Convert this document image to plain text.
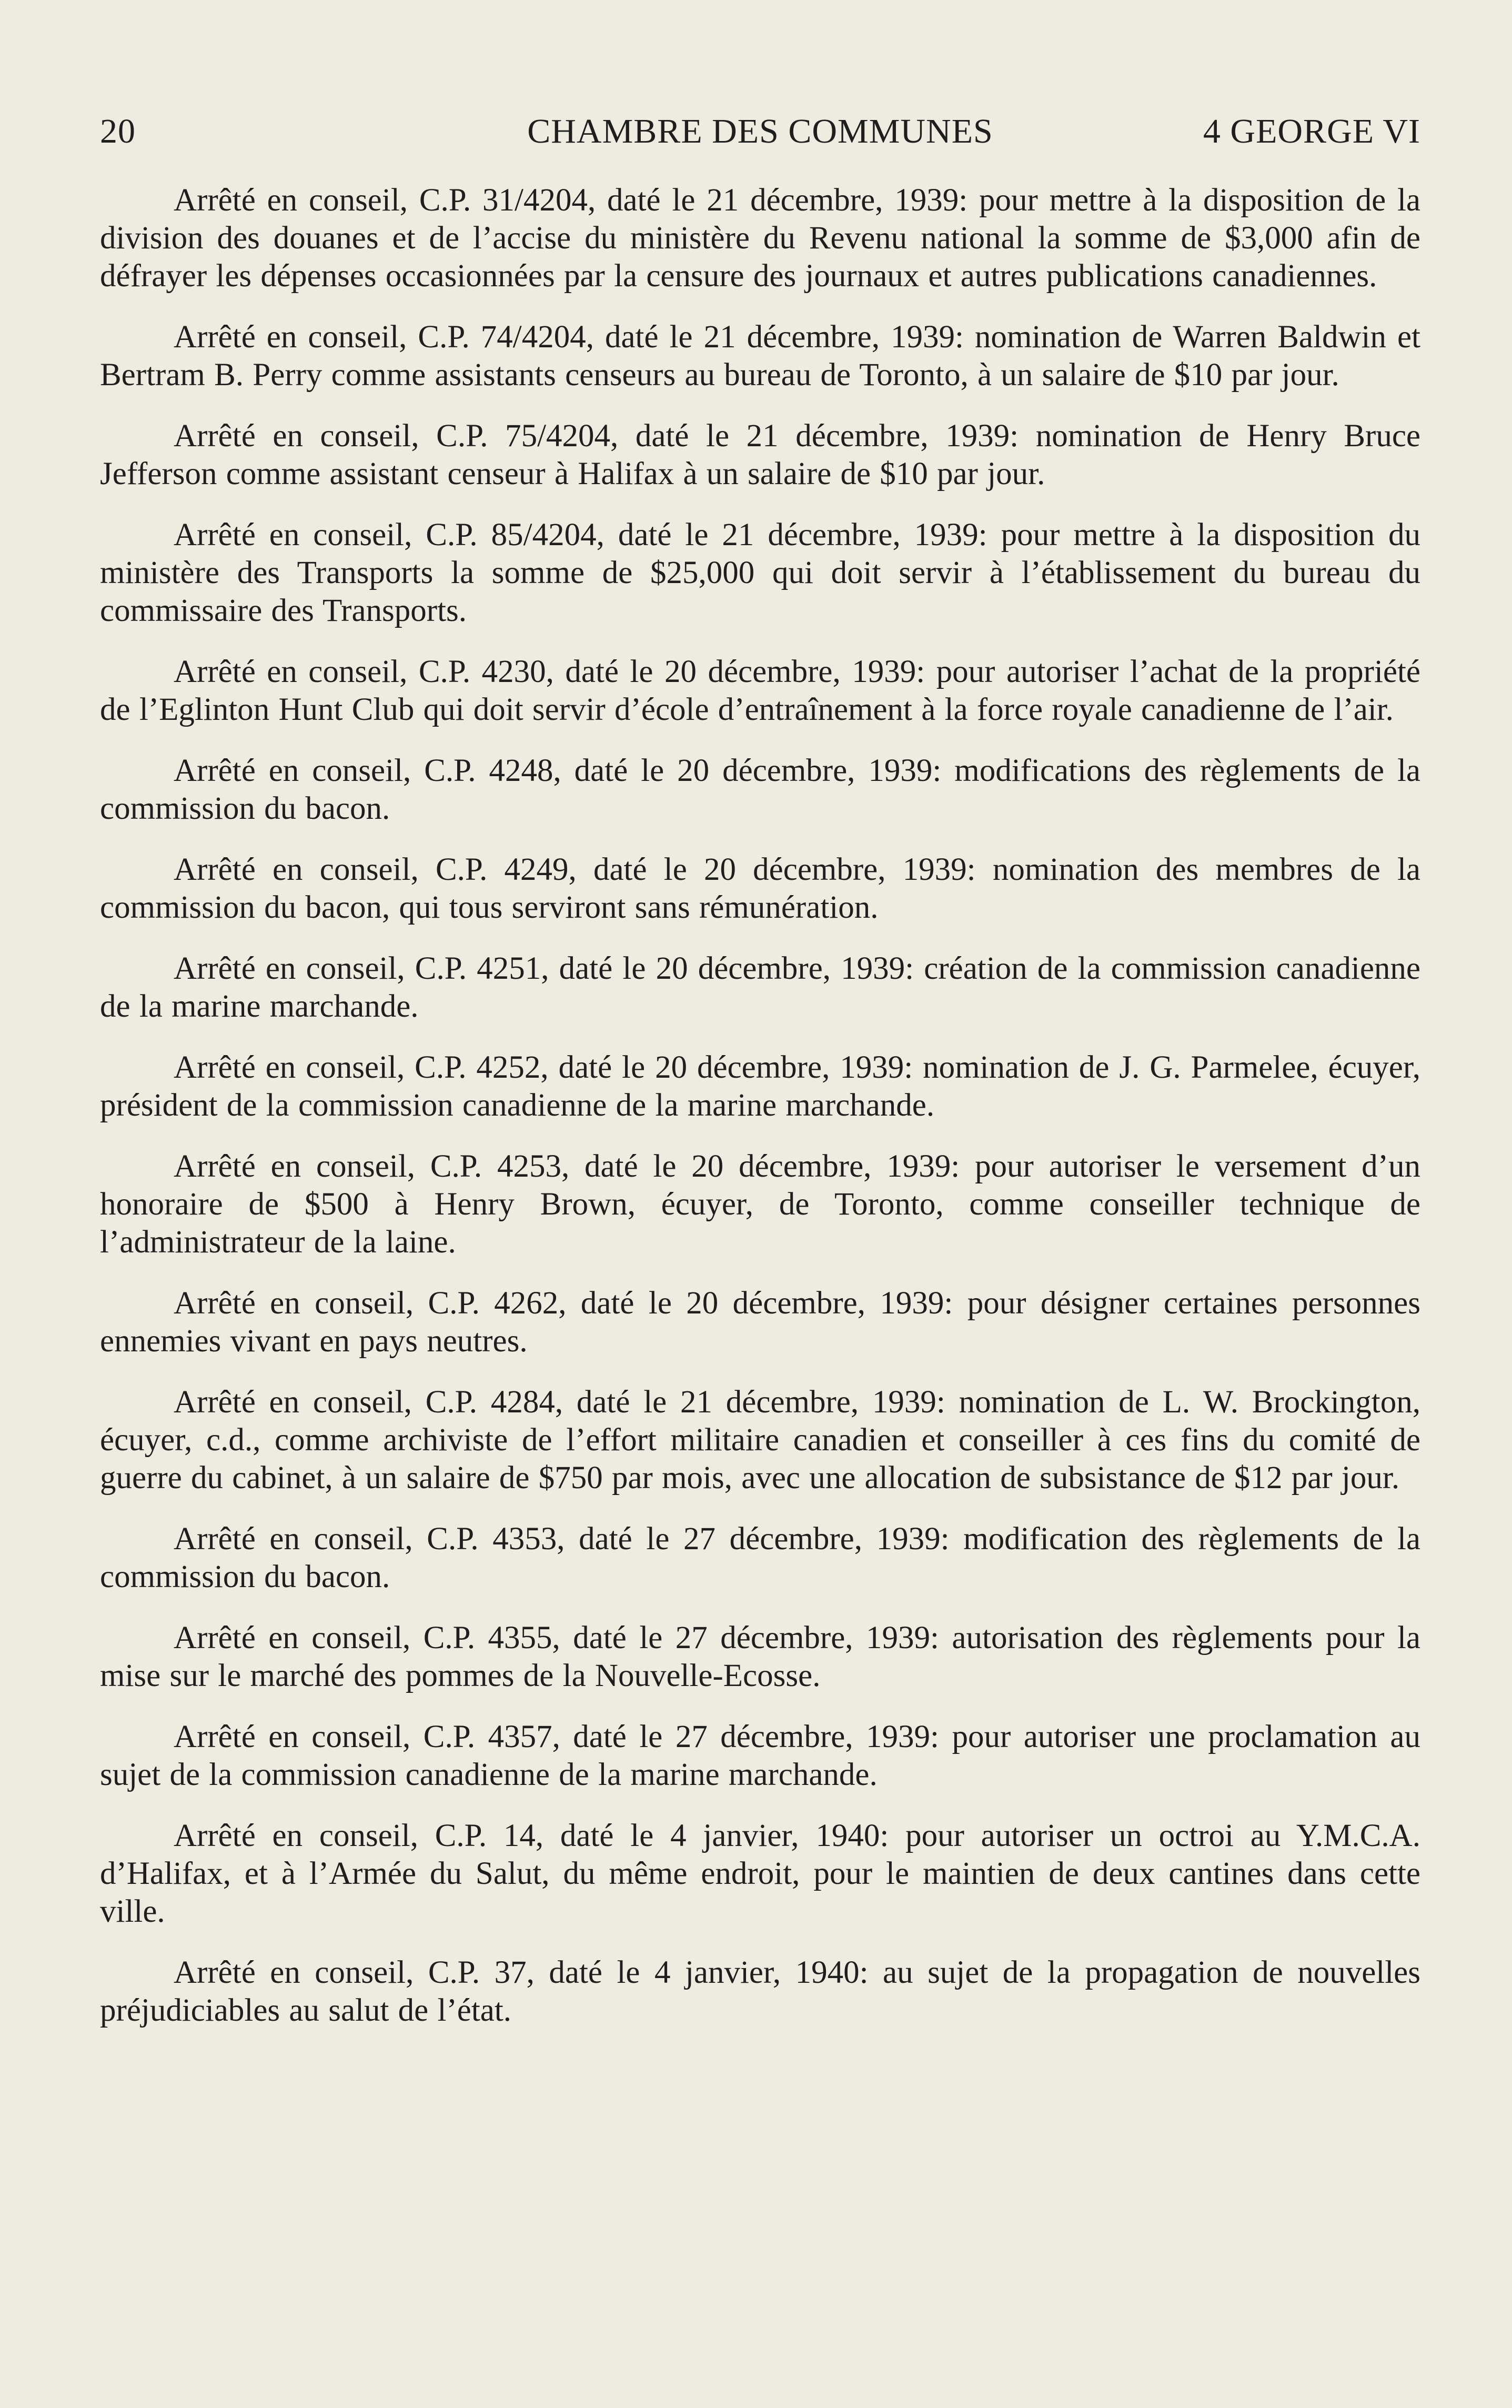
CHAMBRE DES COMMUNES
20	4 GEORGE VI

Arrêté en conseil, C.P. 31/4204, daté le 21 décembre, 1939: pour mettre à la disposition de la division des douanes et de l’accise du ministère du Revenu national la somme de $3,000 afin de défrayer les dépenses occasionnées par la censure des journaux et autres publications canadiennes.

Arrêté en conseil, C.P. 74/4204, daté le 21 décembre, 1939: nomination de Warren Baldwin et Bertram B. Perry comme assistants censeurs au bureau de Toronto, à un salaire de $10 par jour.

Arrêté en conseil, C.P. 75/4204, daté le 21 décembre, 1939: nomination de Henry Bruce Jefferson comme assistant censeur à Halifax à un salaire de $10 par jour.

Arrêté en conseil, C.P. 85/4204, daté le 21 décembre, 1939: pour mettre à la disposition du ministère des Transports la somme de $25,000 qui doit servir à l’établissement du bureau du commissaire des Transports.

Arrêté en conseil, C.P. 4230, daté le 20 décembre, 1939: pour autoriser l’achat de la propriété de l’Eglinton Hunt Club qui doit servir d’école d’entraînement à la force royale canadienne de l’air.

Arrêté en conseil, C.P. 4248, daté le 20 décembre, 1939: modifications des règlements de la commission du bacon.

Arrêté en conseil, C.P. 4249, daté le 20 décembre, 1939: nomination des membres de la commission du bacon, qui tous serviront sans rémunération.

Arrêté en conseil, C.P. 4251, daté le 20 décembre, 1939: création de la commission canadienne de la marine marchande.

Arrêté en conseil, C.P. 4252, daté le 20 décembre, 1939: nomination de J. G. Parmelee, écuyer, président de la commission canadienne de la marine marchande.

Arrêté en conseil, C.P. 4253, daté le 20 décembre, 1939: pour autoriser le versement d’un honoraire de $500 à Henry Brown, écuyer, de Toronto, comme conseiller technique de l’administrateur de la laine.

Arrêté en conseil, C.P. 4262, daté le 20 décembre, 1939: pour désigner certaines personnes ennemies vivant en pays neutres.

Arrêté en conseil, C.P. 4284, daté le 21 décembre, 1939: nomination de L. W. Brockington, écuyer, c.d., comme archiviste de l’effort militaire canadien et conseiller à ces fins du comité de guerre du cabinet, à un salaire de $750 par mois, avec une allocation de subsistance de $12 par jour.

Arrêté en conseil, C.P. 4353, daté le 27 décembre, 1939: modification des règlements de la commission du bacon.

Arrêté en conseil, C.P. 4355, daté le 27 décembre, 1939: autorisation des règlements pour la mise sur le marché des pommes de la Nouvelle-Ecosse.

Arrêté en conseil, C.P. 4357, daté le 27 décembre, 1939: pour autoriser une proclamation au sujet de la commission canadienne de la marine marchande.

Arrêté en conseil, C.P. 14, daté le 4 janvier, 1940: pour autoriser un octroi au Y.M.C.A. d’Halifax, et à l’Armée du Salut, du même endroit, pour le maintien de deux cantines dans cette ville.

Arrêté en conseil, C.P. 37, daté le 4 janvier, 1940: au sujet de la propagation de nouvelles préjudiciables au salut de l’état.
